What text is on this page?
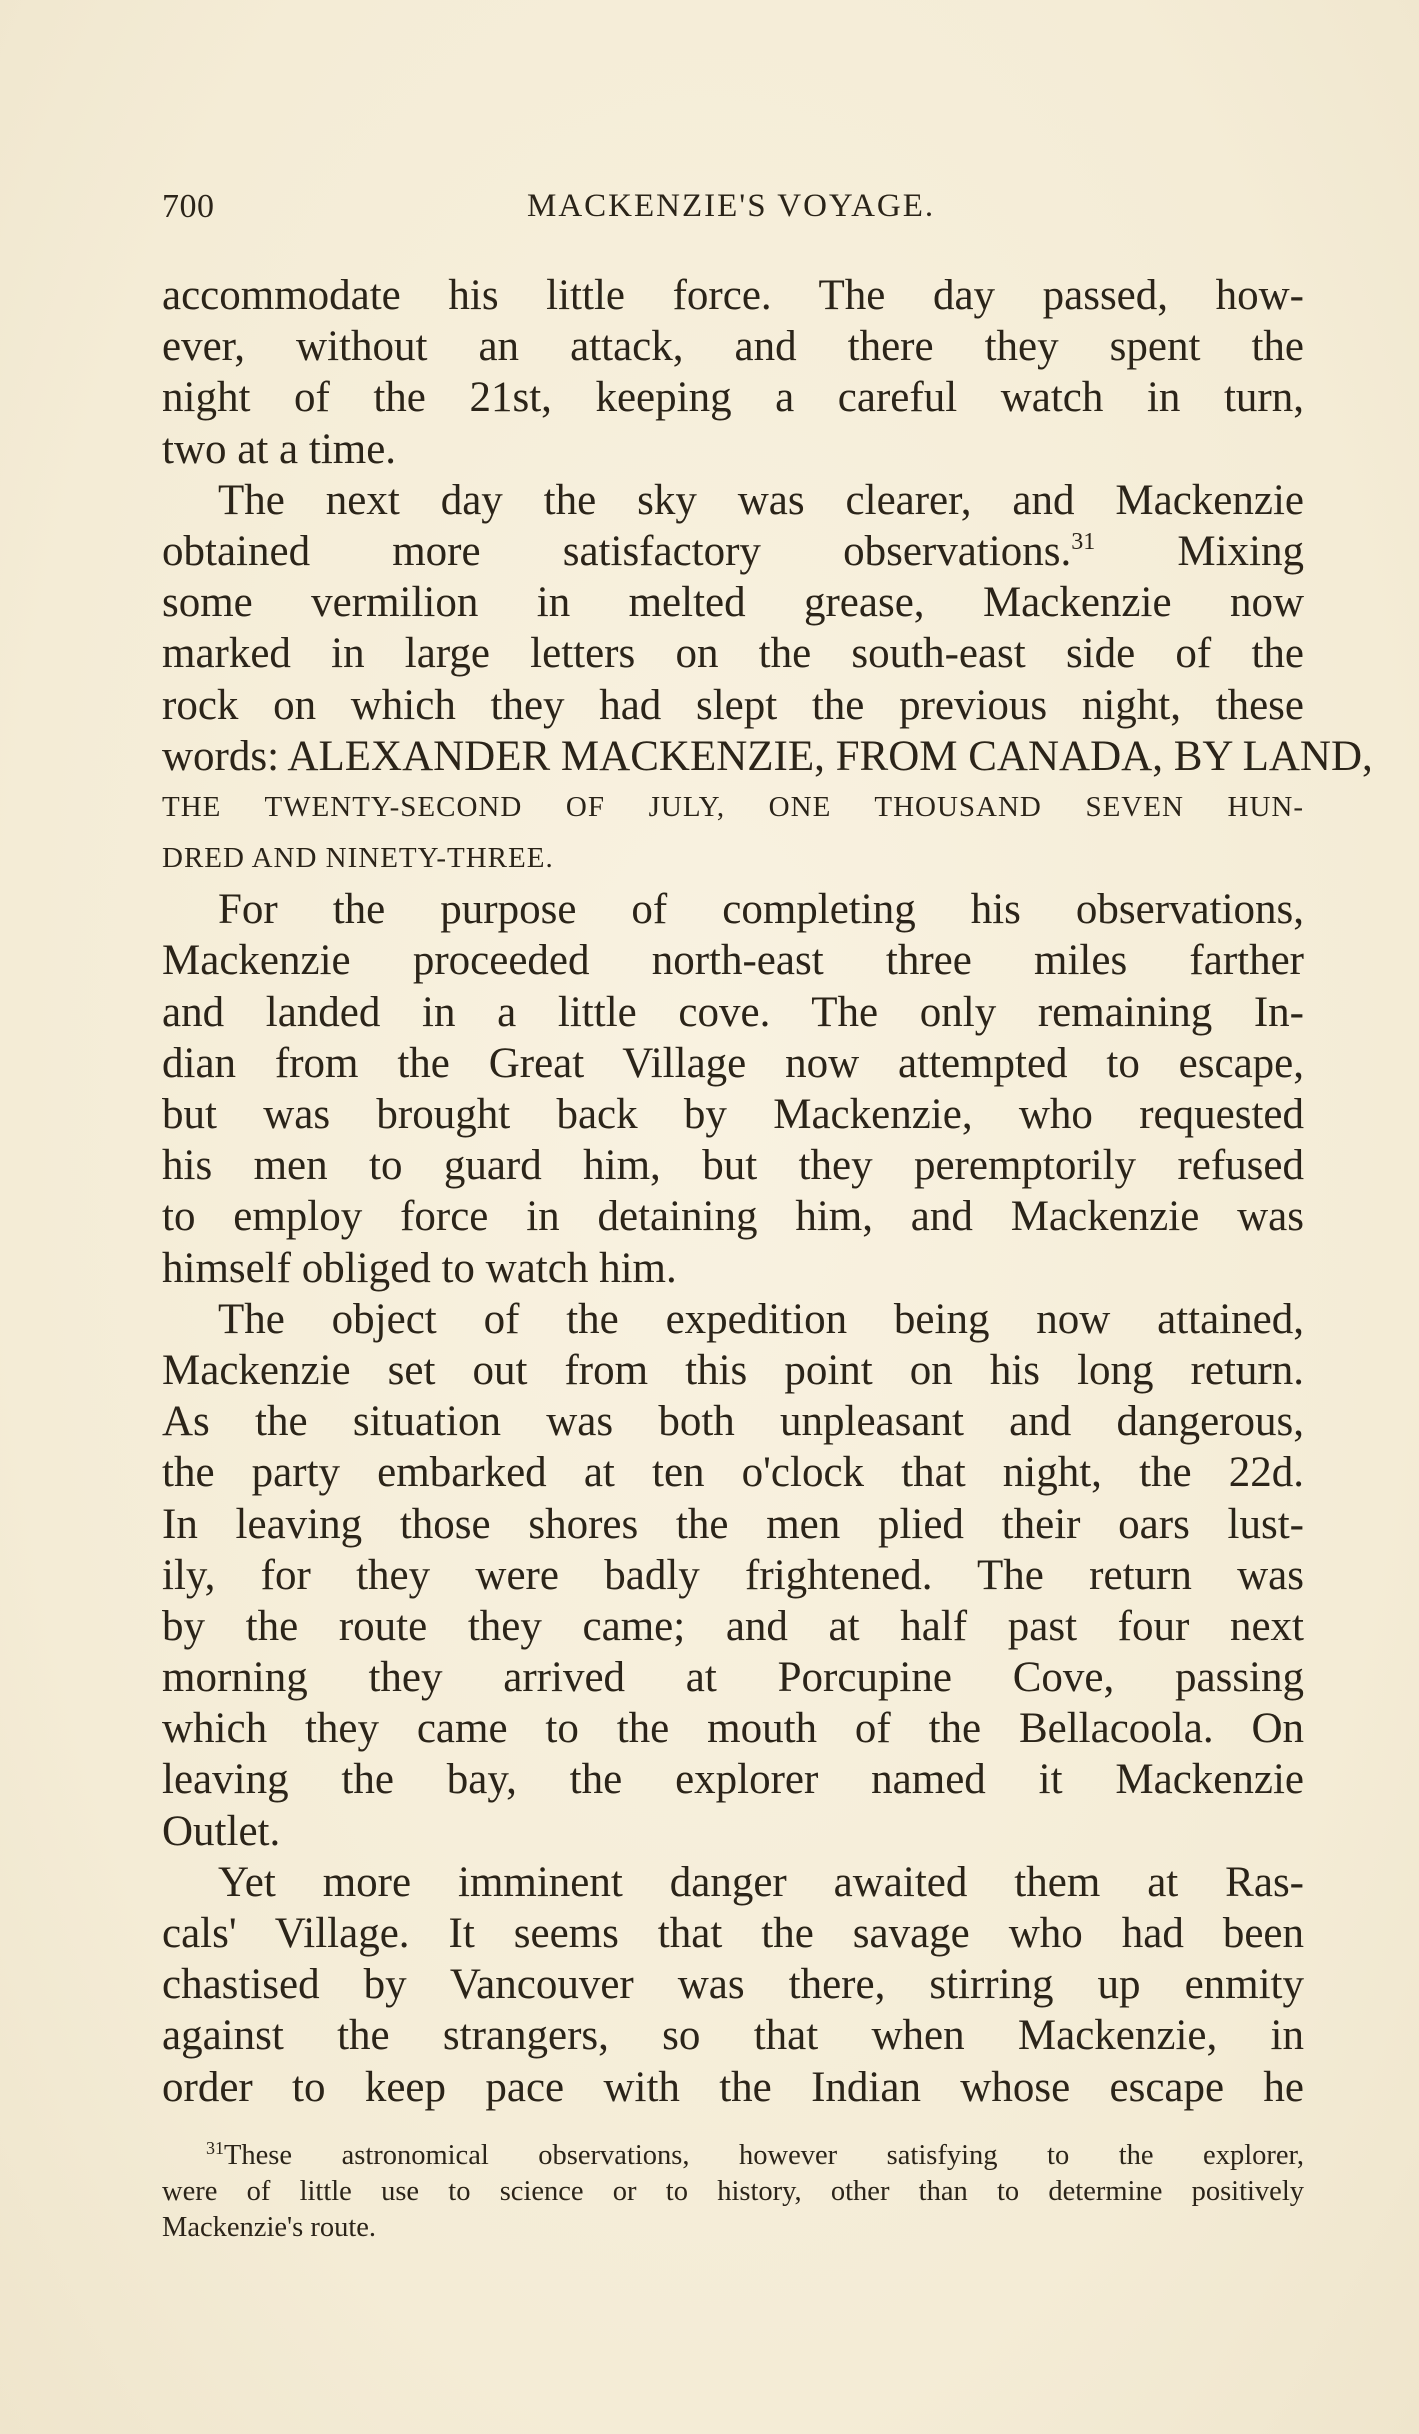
700	MACKENZIE'S VOYAGE.
accommodate his little force. The day passed, how-
ever, without an attack, and there they spent the
night of the 21st, keeping a careful watch in turn,
two at a time.
The next day the sky was clearer, and Mackenzie
obtained more satisfactory observations.$^{31}$ Mixing
some vermilion in melted grease, Mackenzie now
marked in large letters on the south-east side of the
rock on which they had slept the previous night, these
words: ALEXANDER MACKENZIE, FROM CANADA, BY LAND,
THE TWENTY-SECOND OF JULY, ONE THOUSAND SEVEN HUN-
DRED AND NINETY-THREE.
For the purpose of completing his observations,
Mackenzie proceeded north-east three miles farther
and landed in a little cove. The only remaining In-
dian from the Great Village now attempted to escape,
but was brought back by Mackenzie, who requested
his men to guard him, but they peremptorily refused
to employ force in detaining him, and Mackenzie was
himself obliged to watch him.
The object of the expedition being now attained,
Mackenzie set out from this point on his long return.
As the situation was both unpleasant and dangerous,
the party embarked at ten o'clock that night, the 22d.
In leaving those shores the men plied their oars lust-
ily, for they were badly frightened. The return was
by the route they came; and at half past four next
morning they arrived at Porcupine Cove, passing
which they came to the mouth of the Bellacoola. On
leaving the bay, the explorer named it Mackenzie
Outlet.
Yet more imminent danger awaited them at Ras-
cals' Village. It seems that the savage who had been
chastised by Vancouver was there, stirring up enmity
against the strangers, so that when Mackenzie, in
order to keep pace with the Indian whose escape he
$^{31}$These astronomical observations, however satisfying to the explorer,
were of little use to science or to history, other than to determine positively
Mackenzie's route.
